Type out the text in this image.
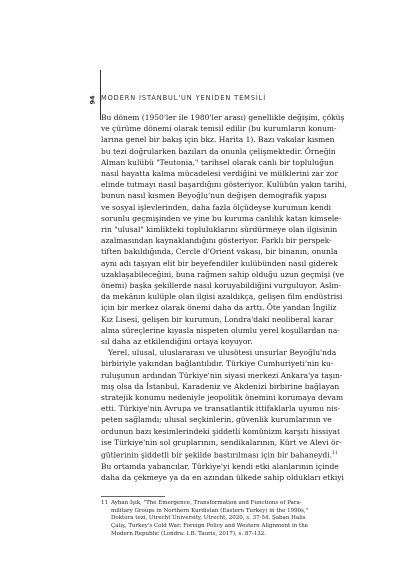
94 MODERN İSTANBUL'UN YENİDEN TEMSİLİ
Bu dönem (1950'ler ile 1980'ler arası) genellikle değişim, çöküş
ve çürüme dönemi olarak temsil edilir (bu kurumların konum-
larına genel bir bakış için bkz. Harita 1). Bazı vakalar kısmen
bu tezi doğrularken bazıları da onunla çelişmektedir. Örneğin
Alman kulübü "Teutonia," tarihsel olarak canlı bir topluluğun
nasıl hayatta kalma mücadelesi verdiğini ve mülklerini zar zor
elinde tutmayı nasıl başardığını gösteriyor. Kulübün yakın tarihi,
bunun nasıl kısmen Beyoğlu'nun değişen demografik yapısı
ve sosyal işlevlerinden, daha fazla ölçüdeyse kurumun kendi
sorunlu geçmişinden ve yine bu kuruma canlılık katan kimsele-
rin "ulusal" kimlikteki topluluklarını sürdürmeye olan ilgisinin
azalmasından kaynaklandığını gösteriyor. Farklı bir perspek-
tiften bakıldığında, Cercle d'Orient vakası, bir binanın, onunla
aynı adı taşıyan elit bir beyefendiler kulübünden nasıl giderek
uzaklaşabileceğini, buna rağmen sahip olduğu uzun geçmişi (ve
önemi) başka şekillerde nasıl koruyabildiğini vurguluyor. Aslın-
da mekânın kulüple olan ilgisi azaldıkça, gelişen film endüstrisi
için bir merkez olarak önemi daha da arttı. Öte yandan İngiliz
Kız Lisesi, gelişen bir kurumun, Londra'daki neoliberal karar
alma süreçlerine kıyasla nispeten olumlu yerel koşullardan na-
sıl daha az etkilendiğini ortaya koyuyor.
Yerel, ulusal, uluslararası ve ulusötesi unsurlar Beyoğlu'nda
birbiriyle yakından bağlantılıdır. Türkiye Cumhuriyeti'nin ku-
ruluşunun ardından Türkiye'nin siyasi merkezi Ankara'ya taşın-
mış olsa da İstanbul, Karadeniz ve Akdenizi birbirine bağlayan
stratejik konumu nedeniyle jeopolitik önemini korumaya devam
etti. Türkiye'nin Avrupa ve transatlantik ittifaklarla uyumu nis-
peten sağlamdı; ulusal seçkinlerin, güvenlik kurumlarının ve
ordunun bazı kesimlerindeki şiddetli komünizm karşıtı hissiyat
ise Türkiye'nin sol gruplarının, sendikalarının, Kürt ve Alevi ör-
gütlerinin şiddetli bir şekilde bastırılması için bir bahaneydi.$^{11}$
Bu ortamda yabancılar, Türkiye'yi kendi etki alanlarının içinde
daha da çekmeye ya da en azından ülkede sahip oldukları etkiyi
11 Ayhan Işık, "The Emergence, Transformation and Functions of Para-
military Groups in Northern Kurdistan (Eastern Turkey) in the 1990s,"
Doktora tezi, Utrecht University, Utrecht, 2020, s. 37-54. Şaban Halis
Çalış, Turkey's Cold War: Foreign Policy and Western Alignment in the
Modern Republic (Londra: I.B. Tauris, 2017), s. 87-132.
